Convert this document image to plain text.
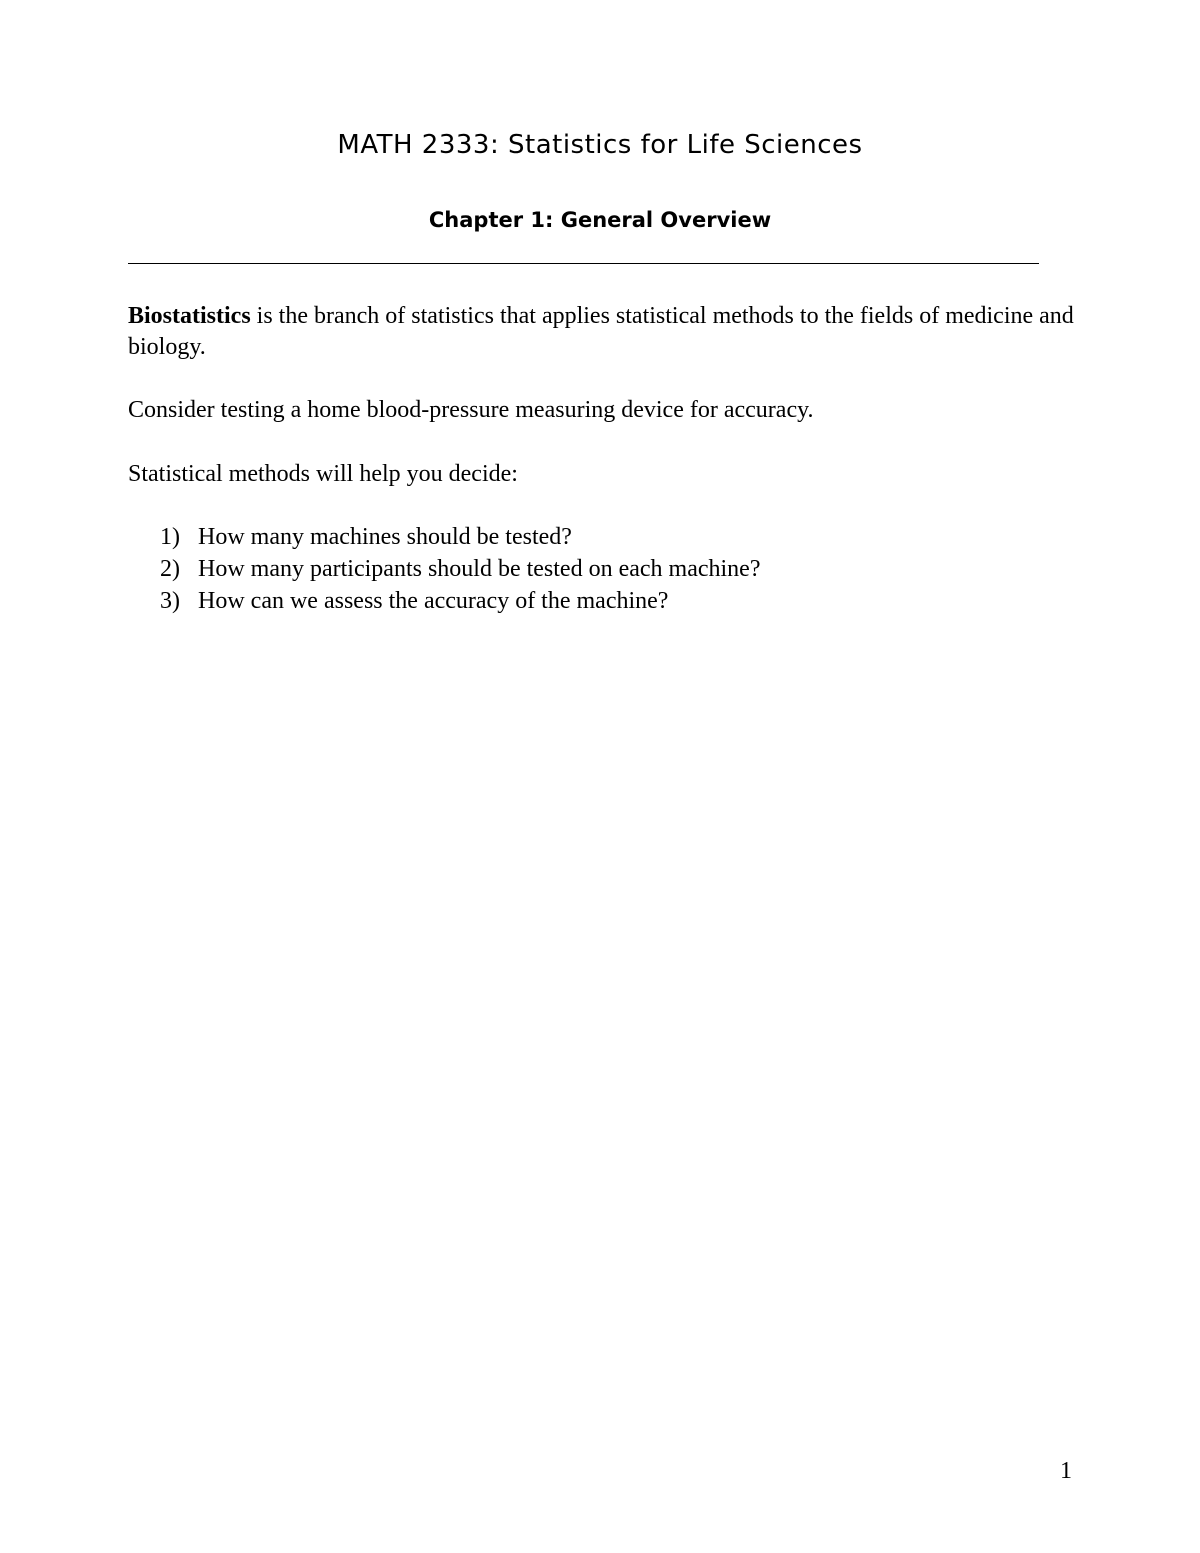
MATH 2333: Statistics for Life Sciences
Chapter 1: General Overview

Biostatistics is the branch of statistics that applies statistical methods to the fields of medicine and biology.

Consider testing a home blood-pressure measuring device for accuracy.

Statistical methods will help you decide:

1) How many machines should be tested?
2) How many participants should be tested on each machine?
3) How can we assess the accuracy of the machine?
1
